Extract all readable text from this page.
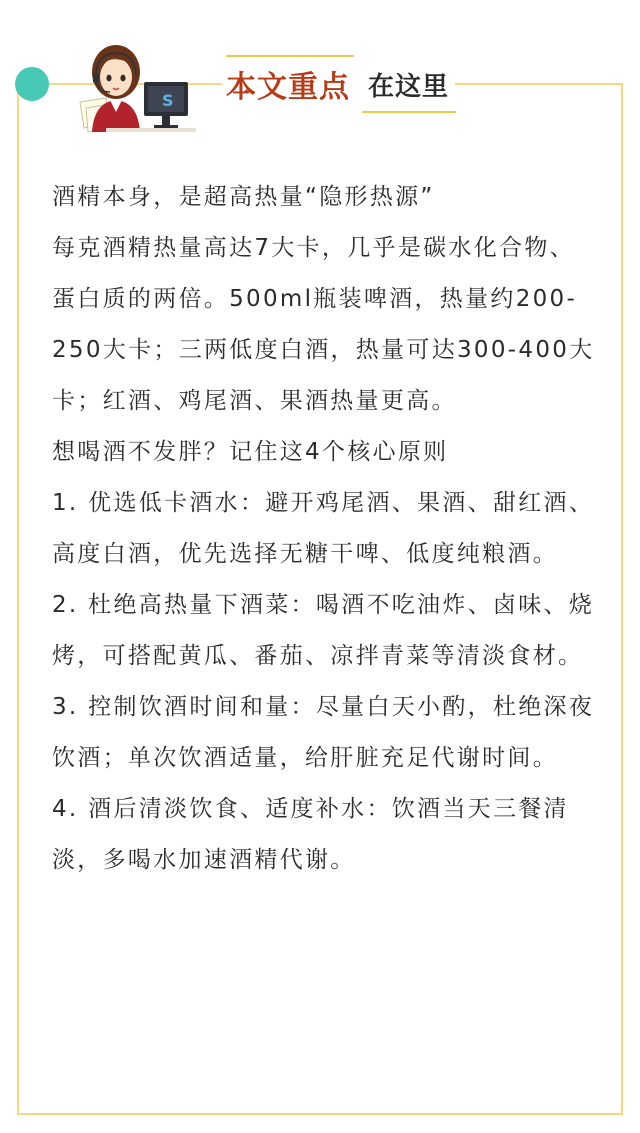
S 本文重点 在这里

酒精本身，是超高热量“隐形热源”

每克酒精热量高达7大卡，几乎是碳水化合物、蛋白质的两倍。500ml瓶装啤酒，热量约200-250大卡；三两低度白酒，热量可达300-400大卡；红酒、鸡尾酒、果酒热量更高。

想喝酒不发胖？记住这4个核心原则

1. 优选低卡酒水：避开鸡尾酒、果酒、甜红酒、高度白酒，优先选择无糖干啤、低度纯粮酒。

2. 杜绝高热量下酒菜：喝酒不吃油炸、卤味、烧烤，可搭配黄瓜、番茄、凉拌青菜等清淡食材。

3. 控制饮酒时间和量：尽量白天小酌，杜绝深夜饮酒；单次饮酒适量，给肝脏充足代谢时间。

4. 酒后清淡饮食、适度补水：饮酒当天三餐清淡，多喝水加速酒精代谢。
